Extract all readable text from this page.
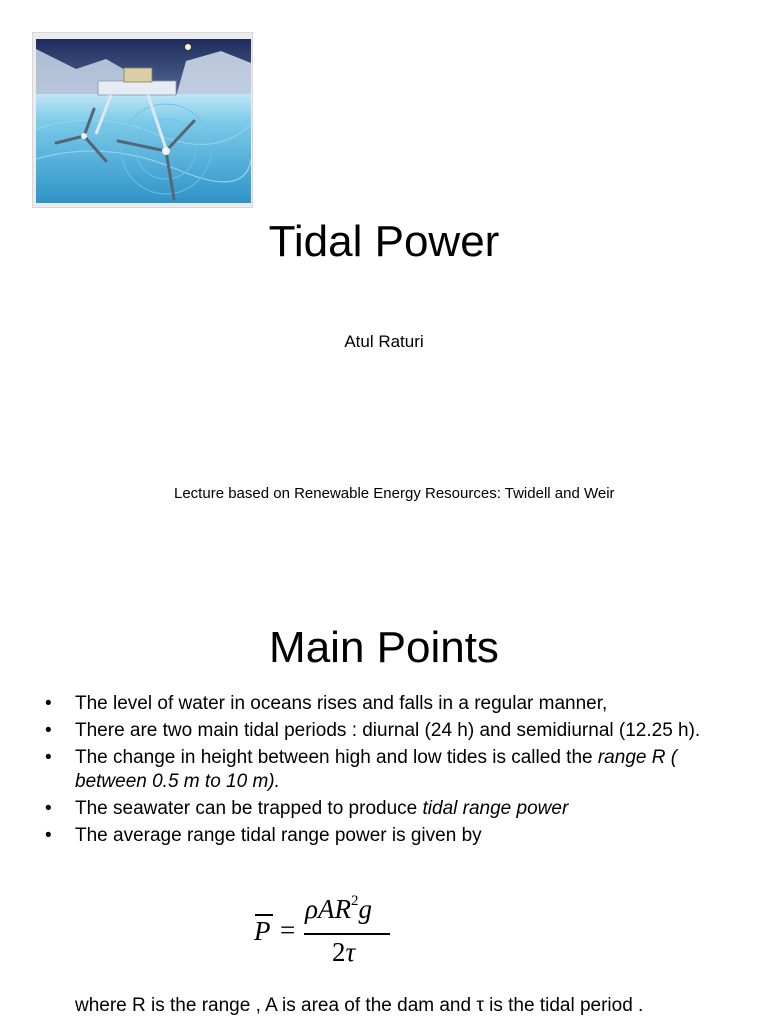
Tidal Power
Atul Raturi
Lecture based on Renewable Energy Resources: Twidell and Weir
Main Points
• The level of water in oceans rises and falls in a regular manner,
• There are two main tidal periods : diurnal (24 h) and semidiurnal (12.25 h).
• The change in height between high and low tides is called the range R ( between 0.5 m to 10 m).
• The seawater can be trapped to produce tidal range power
• The average range tidal range power is given by
P =
ρAR$^2$g
2τ
where R is the range , A is area of the dam and τ is the tidal period .
